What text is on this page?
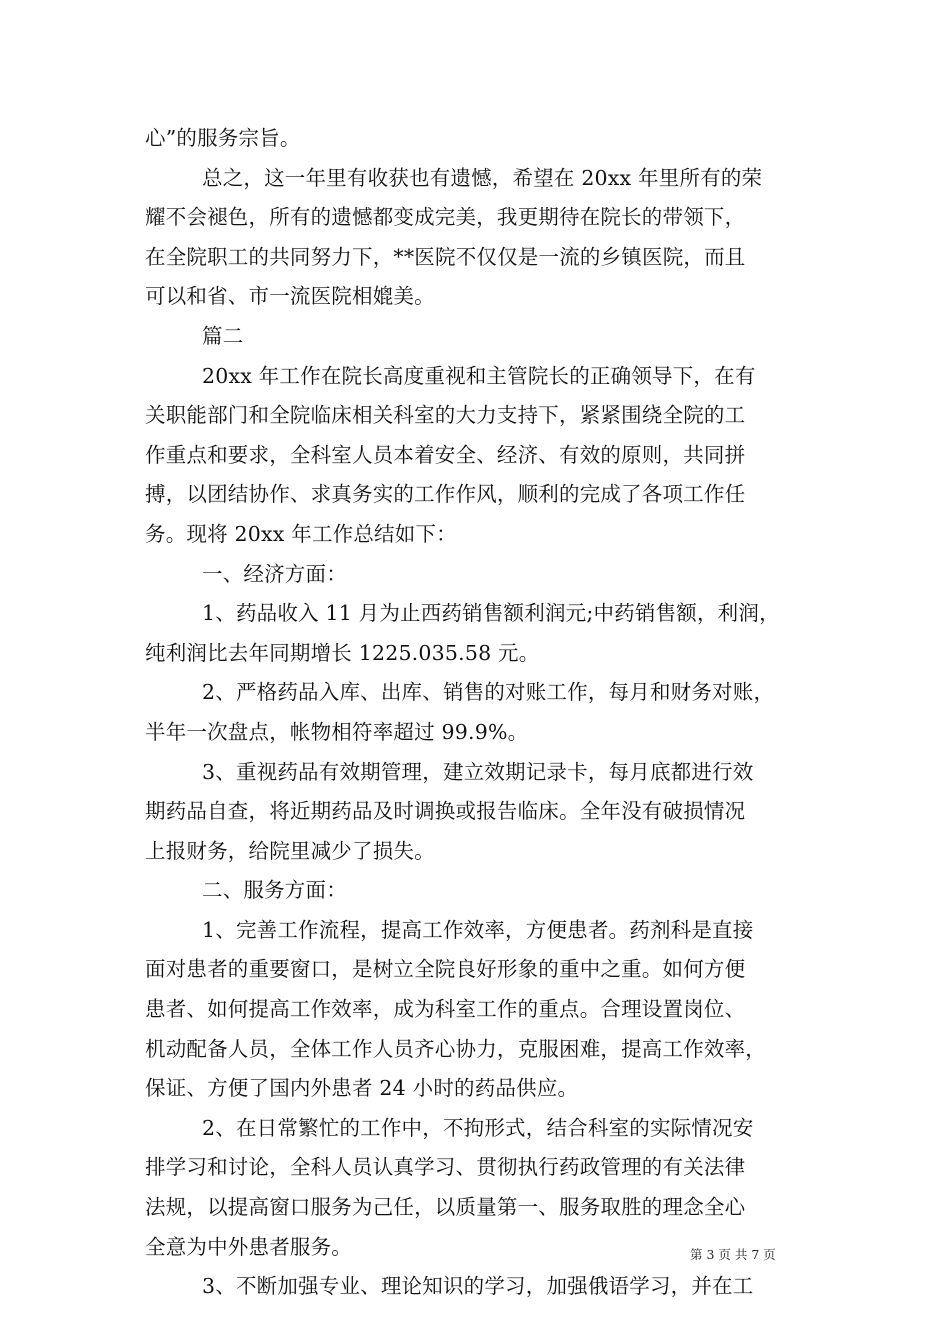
心”的服务宗旨。
总之，这一年里有收获也有遗憾，希望在 20xx 年里所有的荣
耀不会褪色，所有的遗憾都变成完美，我更期待在院长的带领下，
在全院职工的共同努力下，**医院不仅仅是一流的乡镇医院，而且
可以和省、市一流医院相媲美。
篇二
20xx 年工作在院长高度重视和主管院长的正确领导下，在有
关职能部门和全院临床相关科室的大力支持下，紧紧围绕全院的工
作重点和要求，全科室人员本着安全、经济、有效的原则，共同拼
搏，以团结协作、求真务实的工作作风，顺利的完成了各项工作任
务。现将 20xx 年工作总结如下：
一、经济方面：
1、药品收入 11 月为止西药销售额利润元;中药销售额，利润，
纯利润比去年同期增长 1225.035.58 元。
2、严格药品入库、出库、销售的对账工作，每月和财务对账，
半年一次盘点，帐物相符率超过 99.9%。
3、重视药品有效期管理，建立效期记录卡，每月底都进行效
期药品自查，将近期药品及时调换或报告临床。全年没有破损情况
上报财务，给院里减少了损失。
二、服务方面：
1、完善工作流程，提高工作效率，方便患者。药剂科是直接
面对患者的重要窗口，是树立全院良好形象的重中之重。如何方便
患者、如何提高工作效率，成为科室工作的重点。合理设置岗位、
机动配备人员，全体工作人员齐心协力，克服困难，提高工作效率，
保证、方便了国内外患者 24 小时的药品供应。
2、在日常繁忙的工作中，不拘形式，结合科室的实际情况安
排学习和讨论，全科人员认真学习、贯彻执行药政管理的有关法律
法规，以提高窗口服务为己任，以质量第一、服务取胜的理念全心
全意为中外患者服务。
3、不断加强专业、理论知识的学习，加强俄语学习，并在工
第 3 页 共 7 页
